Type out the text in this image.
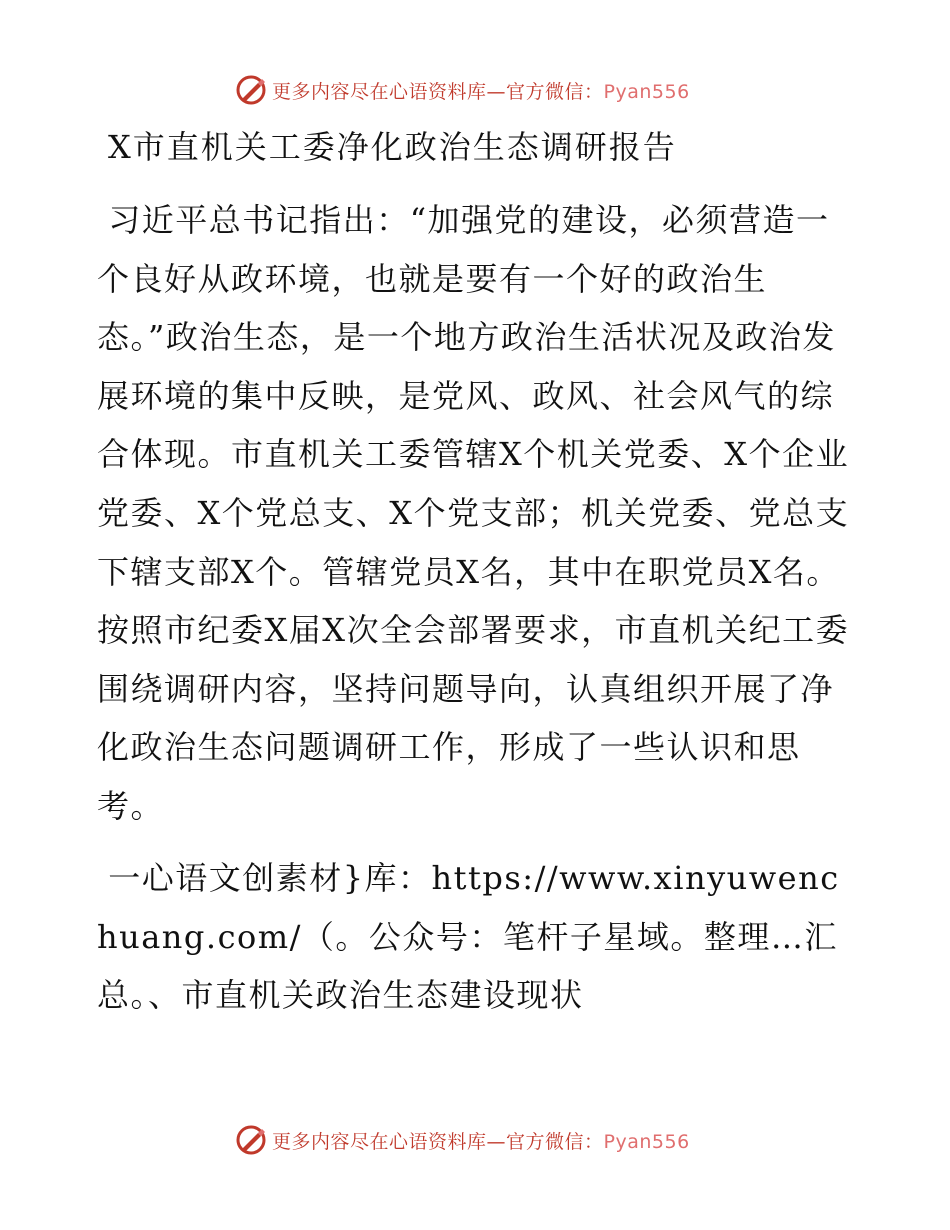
更多内容尽在心语资料库—官方微信：Pyan556
X市直机关工委净化政治生态调研报告

习近平总书记指出：“加强党的建设，必须营造一个良好从政环境，也就是要有一个好的政治生态。”政治生态，是一个地方政治生活状况及政治发展环境的集中反映，是党风、政风、社会风气的综合体现。市直机关工委管辖X个机关党委、X个企业党委、X个党总支、X个党支部；机关党委、党总支下辖支部X个。管辖党员X名，其中在职党员X名。按照市纪委X届X次全会部署要求，市直机关纪工委围绕调研内容，坚持问题导向，认真组织开展了净化政治生态问题调研工作，形成了一些认识和思考。

一心语文创素材}库：https://www.xinyuwenchuang.com/（。公众号：笔杆子星域。整理…汇总。、市直机关政治生态建设现状

更多内容尽在心语资料库—官方微信：Pyan556
